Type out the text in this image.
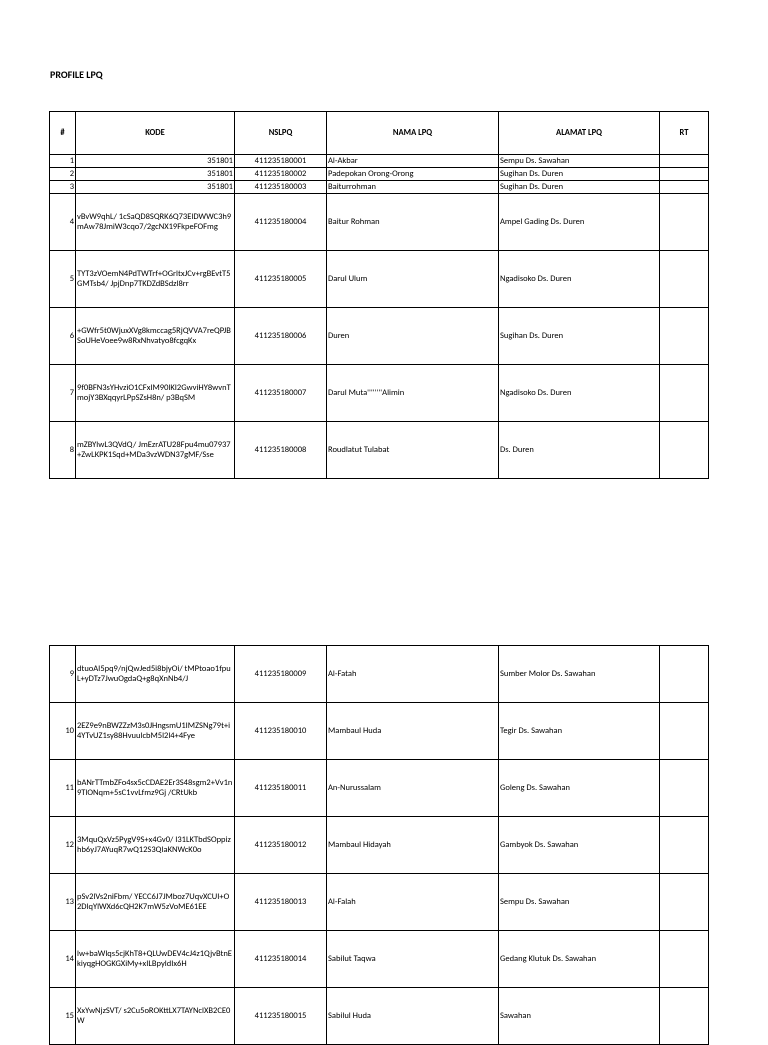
PROFILE LPQ
#	KODE	NSLPQ	NAMA LPQ	ALAMAT LPQ	RT
1	351801	411235180001	Al-Akbar	Sempu Ds. Sawahan	
2	351801	411235180002	Padepokan Orong-Orong	Sugihan Ds. Duren	
3	351801	411235180003	Baiturrohman	Sugihan Ds. Duren	
4	vBvW9qhL/ 1cSaQD8SQRK6Q73ElDWWC3h9mAw78JmiW3cqo7/2gcNX19FkpeFOFmg	411235180004	Baitur Rohman	Ampel Gading Ds. Duren	
5	TYT3zVOemN4PdTWTrf+OGrltxJCv+rgBEvtT5GMTsb4/ JpjDnp7TKDZdBSdzl8rr	411235180005	Darul Ulum	Ngadisoko Ds. Duren	
6	+GWfr5t0WjuxXVg8kmccag5RjQVVA7reQPJBSoUHeVoee9w8RxNhvatyo8fcgqKx	411235180006	Duren	Sugihan Ds. Duren	
7	9f0BFN3sYHvziO1CFxIM90lKI2GwviHY8wvnTmojY3BXqqyrLPpSZsH8n/ p3BqSM	411235180007	Darul Muta''''''''Alimin	Ngadisoko Ds. Duren	
8	mZBYlwL3QVdQ/ JmEzrATU28Fpu4mu07937+ZwLKPK1Sqd+MDa3vzWDN37gMF/Sse	411235180008	Roudlatut Tulabat	Ds. Duren	
9	dtuoAI5pq9/njQwJed5i8bjyOi/ tMPtoao1fpuL+yDTz7JwuOgdaQ+g8qXnNb4/J	411235180009	Al-Fatah	Sumber Molor Ds. Sawahan	
10	2EZ9e9nBWZZzM3s0JHngsmU1IMZSNg79t+i4YTvUZ1sy88HvuulcbM5l2l4+4Fye	411235180010	Mambaul Huda	Tegir Ds. Sawahan	
11	bANrTTmbZFo4sx5cCDAE2Er3S48sgm2+Vv1n9TlONqm+5sC1vvLfmz9Gj /CRtUkb	411235180011	An-Nurussalam	Goleng Ds. Sawahan	
12	3MquQxVz5PygV9S+x4Gv0/ I31LKTbdSOppizhb6yJ7AYuqR7wQ12S3QIaKNWcK0o	411235180012	Mambaul Hidayah	Gambyok Ds. Sawahan	
13	pSv2lVs2niFbm/ YECC6J7JMboz7UqvXCUI+O2DlqYlWXd6cQH2K7mW5zVoME61EE	411235180013	Al-Falah	Sempu Ds. Sawahan	
14	lw+baWlqs5cjKhT8+QLUwDEV4cJ4z1QjvBtnEkiyqgHOGKGXiMy+xILBpyldIx6H	411235180014	Sabilut Taqwa	Gedang Klutuk Ds. Sawahan	
15	XxYwNjzSVT/ s2Cu5oROKttLX7TAYNclXB2CE0W	411235180015	Sabilul Huda	Sawahan	
